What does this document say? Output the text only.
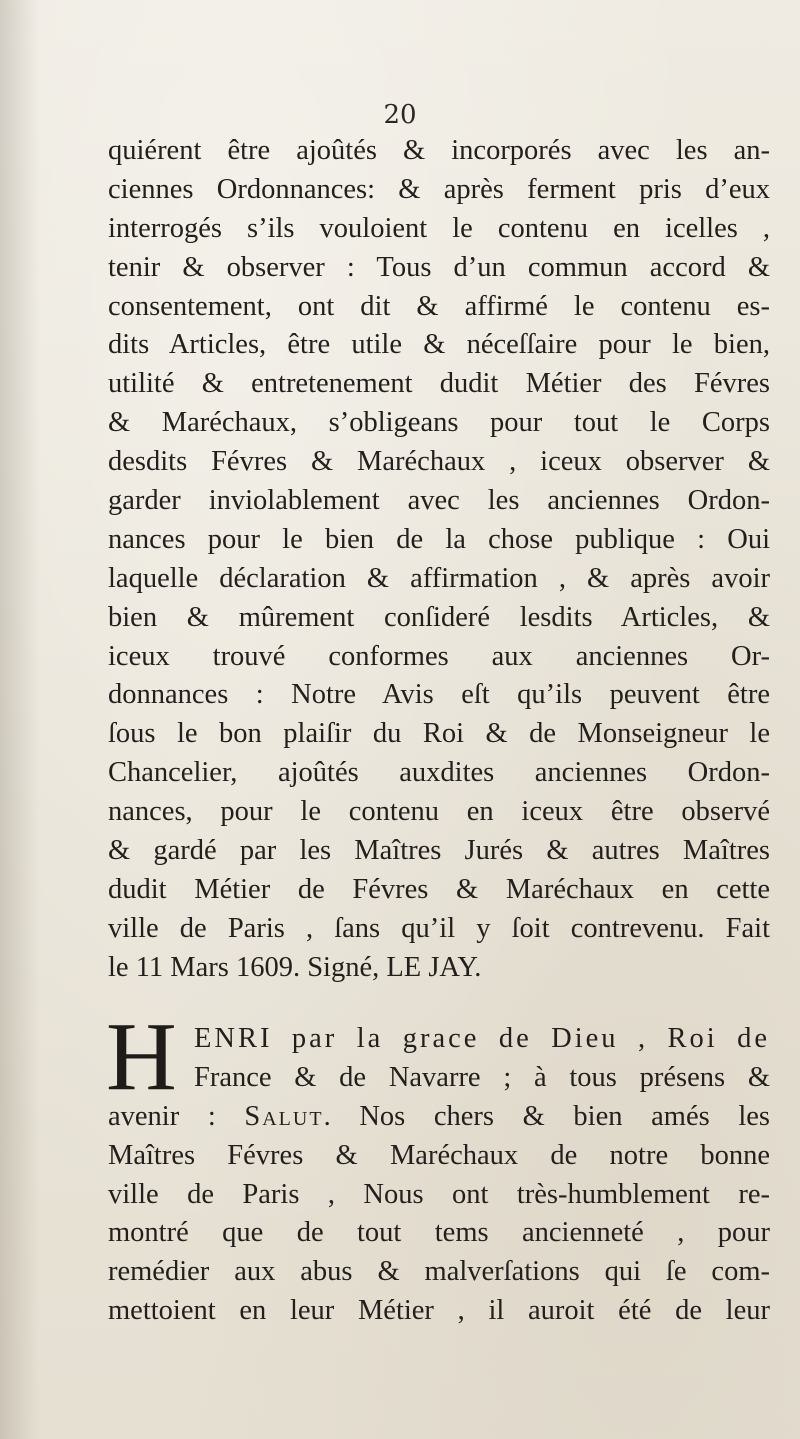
20
quiérent être ajoûtés & incorporés avec les an-
ciennes Ordonnances: & après ferment pris d’eux
interrogés s’ils vouloient le contenu en icelles ,
tenir & observer : Tous d’un commun accord &
consentement, ont dit & affirmé le contenu es-
dits Articles, être utile & néceſſaire pour le bien,
utilité & entretenement dudit Métier des Févres
& Maréchaux, s’obligeans pour tout le Corps
desdits Févres & Maréchaux , iceux observer &
garder inviolablement avec les anciennes Ordon-
nances pour le bien de la chose publique : Oui
laquelle déclaration & affirmation , & après avoir
bien & mûrement conſideré lesdits Articles, &
iceux trouvé conformes aux anciennes Or-
donnances : Notre Avis eſt qu’ils peuvent être
ſous le bon plaiſir du Roi & de Monseigneur le
Chancelier, ajoûtés auxdites anciennes Ordon-
nances, pour le contenu en iceux être observé
& gardé par les Maîtres Jurés & autres Maîtres
dudit Métier de Févres & Maréchaux en cette
ville de Paris , ſans qu’il y ſoit contrevenu. Fait
le 11 Mars 1609. Signé, LE JAY.
H ENRI par la grace de Dieu , Roi de
France & de Navarre ; à tous présens &
avenir : Salut. Nos chers & bien amés les
Maîtres Févres & Maréchaux de notre bonne
ville de Paris , Nous ont très-humblement re-
montré que de tout tems ancienneté , pour
remédier aux abus & malverſations qui ſe com-
mettoient en leur Métier , il auroit été de leur
